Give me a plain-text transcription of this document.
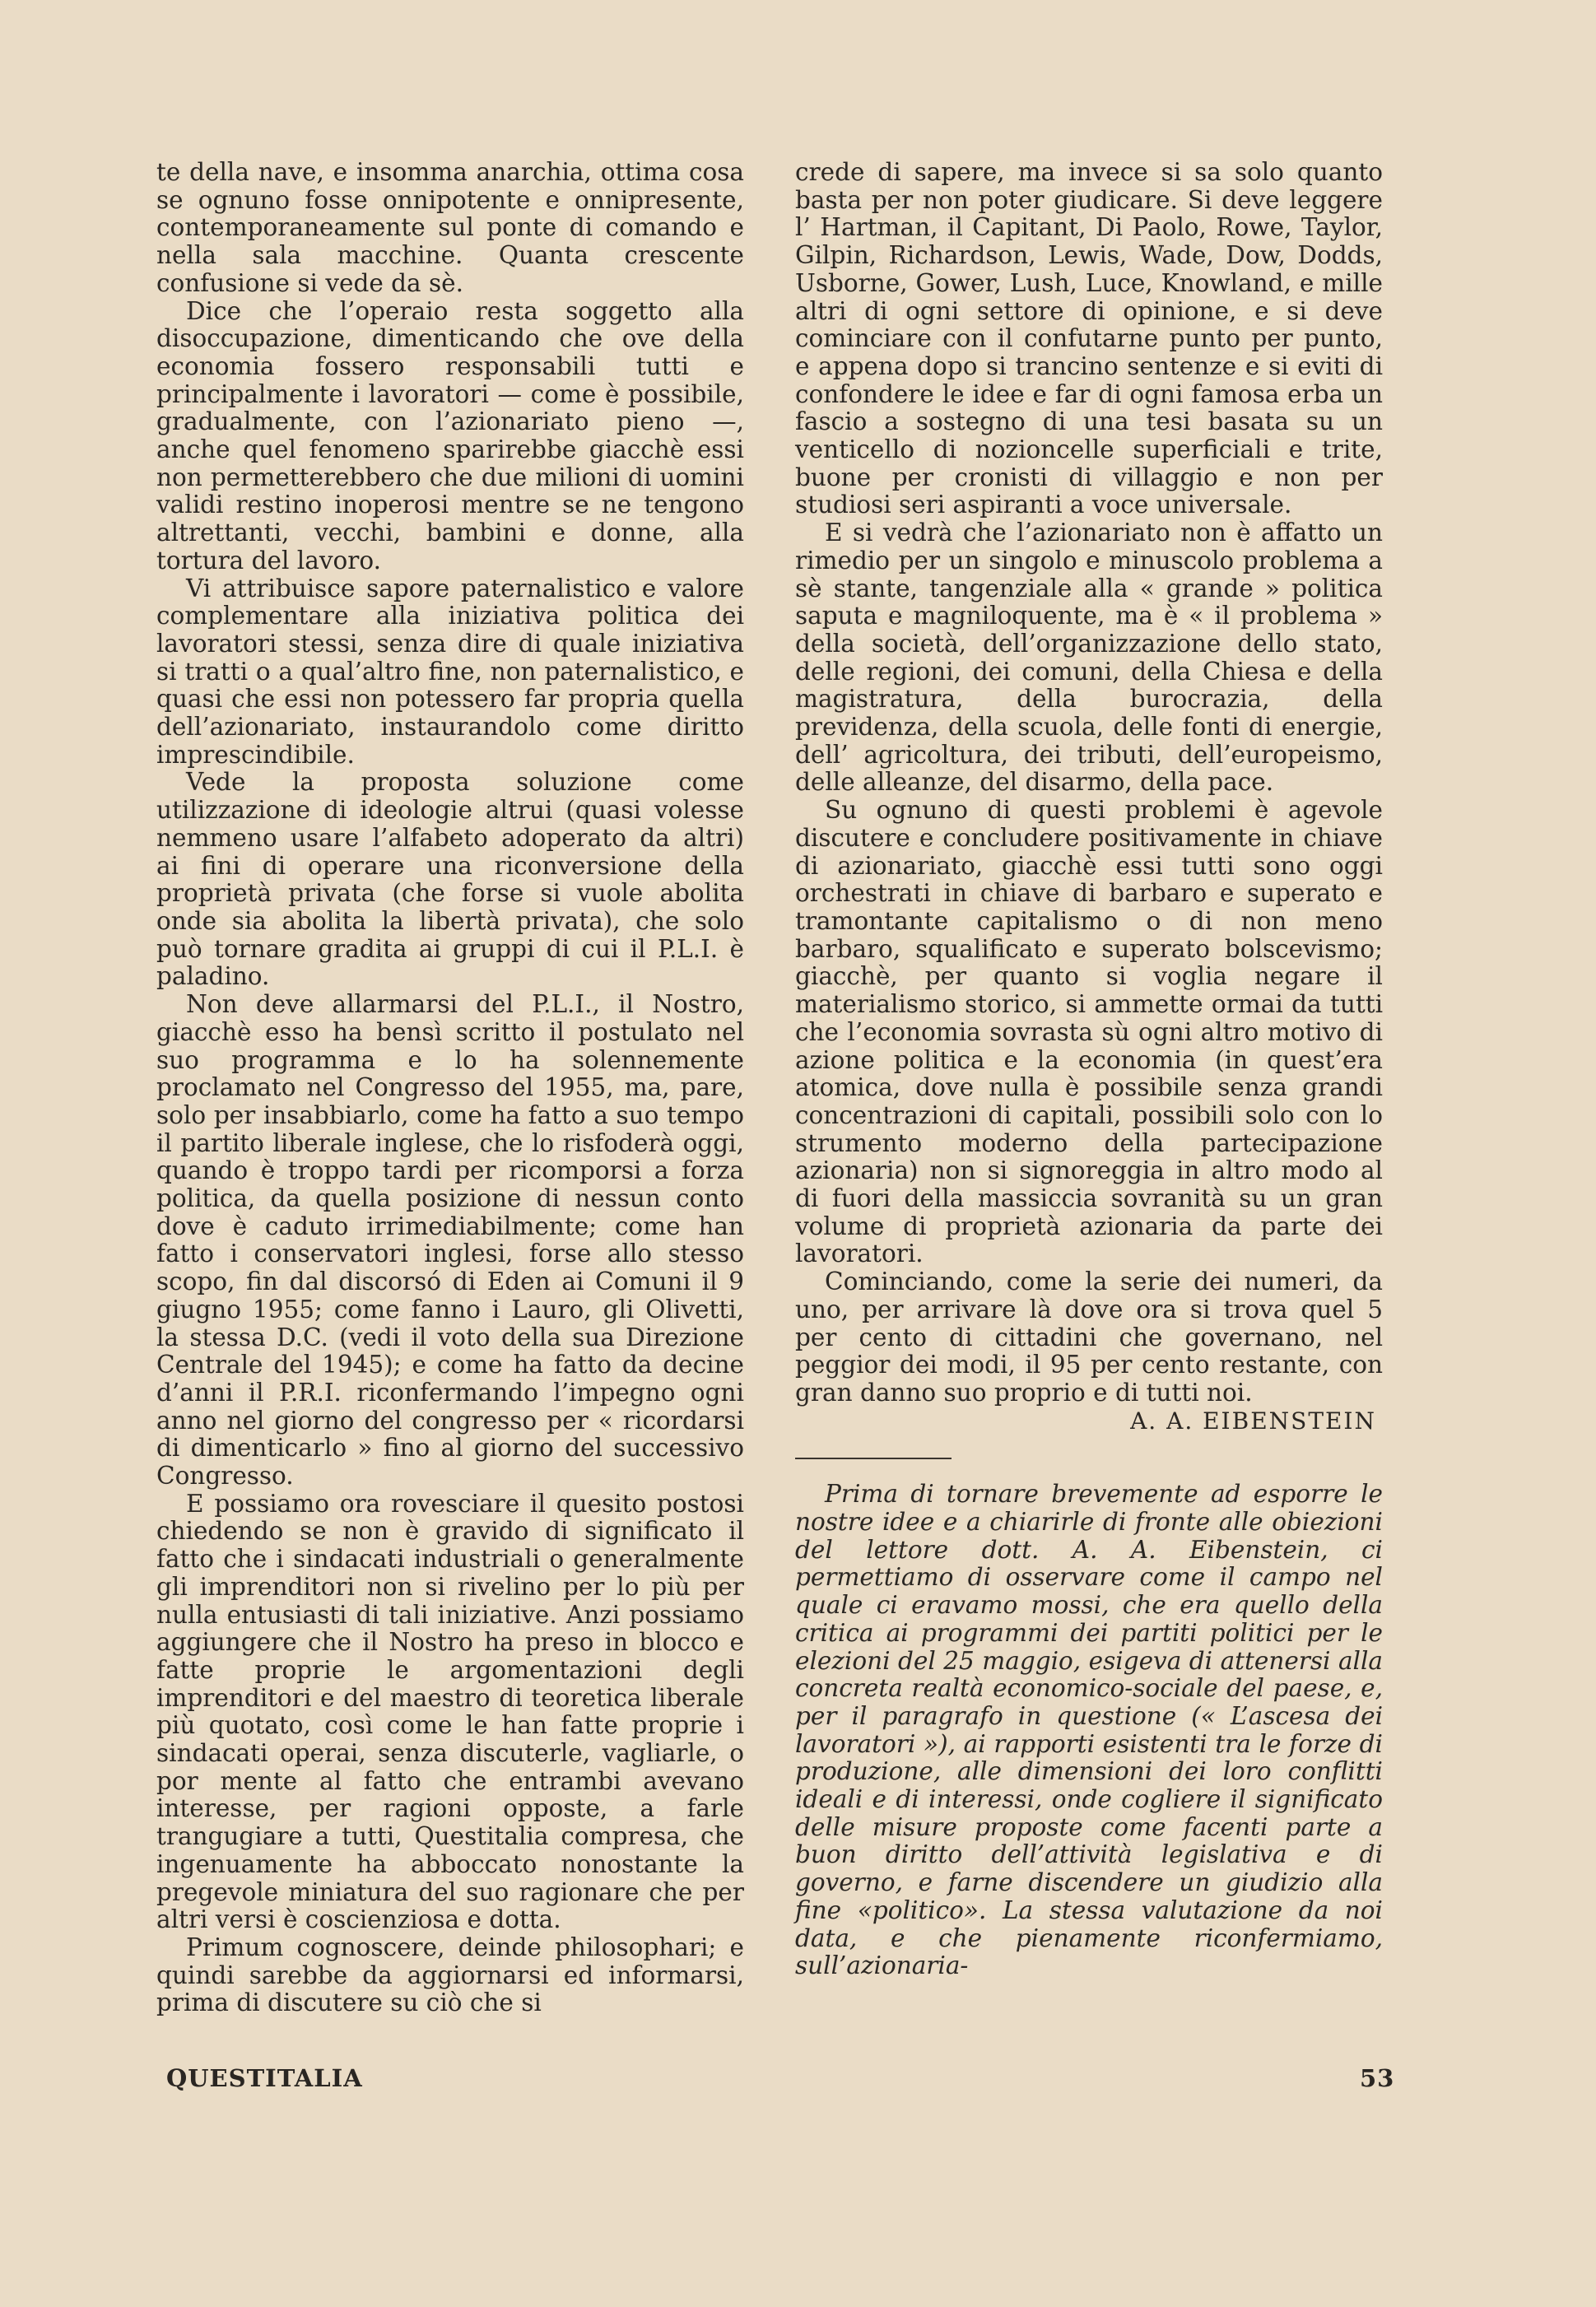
te della nave, e insomma anarchia, ottima cosa se ognuno fosse onnipotente e onnipresente, contemporaneamente sul ponte di comando e nella sala macchine. Quanta crescente confusione si vede da sè.

Dice che l’operaio resta soggetto alla disoccupazione, dimenticando che ove della economia fossero responsabili tutti e principalmente i lavoratori — come è possibile, gradualmente, con l’azionariato pieno —, anche quel fenomeno sparirebbe giacchè essi non permetterebbero che due milioni di uomini validi restino inoperosi mentre se ne tengono altrettanti, vecchi, bambini e donne, alla tortura del lavoro.

Vi attribuisce sapore paternalistico e valore complementare alla iniziativa politica dei lavoratori stessi, senza dire di quale iniziativa si tratti o a qual’altro fine, non paternalistico, e quasi che essi non potessero far propria quella dell’azionariato, instaurandolo come diritto imprescindibile.

Vede la proposta soluzione come utilizzazione di ideologie altrui (quasi volesse nemmeno usare l’alfabeto adoperato da altri) ai fini di operare una riconversione della proprietà privata (che forse si vuole abolita onde sia abolita la libertà privata), che solo può tornare gradita ai gruppi di cui il P.L.I. è paladino.

Non deve allarmarsi del P.L.I., il Nostro, giacchè esso ha bensì scritto il postulato nel suo programma e lo ha solennemente proclamato nel Congresso del 1955, ma, pare, solo per insabbiarlo, come ha fatto a suo tempo il partito liberale inglese, che lo risfoderà oggi, quando è troppo tardi per ricomporsi a forza politica, da quella posizione di nessun conto dove è caduto irrimediabilmente; come han fatto i conservatori inglesi, forse allo stesso scopo, fin dal discorsó di Eden ai Comuni il 9 giugno 1955; come fanno i Lauro, gli Olivetti, la stessa D.C. (vedi il voto della sua Direzione Centrale del 1945); e come ha fatto da decine d’anni il P.R.I. riconfermando l’impegno ogni anno nel giorno del congresso per « ricordarsi di dimenticarlo » fino al giorno del successivo Congresso.

E possiamo ora rovesciare il quesito postosi chiedendo se non è gravido di significato il fatto che i sindacati industriali o generalmente gli imprenditori non si rivelino per lo più per nulla entusiasti di tali iniziative. Anzi possiamo aggiungere che il Nostro ha preso in blocco e fatte proprie le argomentazioni degli imprenditori e del maestro di teoretica liberale più quotato, così come le han fatte proprie i sindacati operai, senza discuterle, vagliarle, o por mente al fatto che entrambi avevano interesse, per ragioni opposte, a farle trangugiare a tutti, Questitalia compresa, che ingenuamente ha abboccato nonostante la pregevole miniatura del suo ragionare che per altri versi è coscienziosa e dotta.

Primum cognoscere, deinde philosophari; e quindi sarebbe da aggiornarsi ed informarsi, prima di discutere su ciò che si

crede di sapere, ma invece si sa solo quanto basta per non poter giudicare. Si deve leggere l’ Hartman, il Capitant, Di Paolo, Rowe, Taylor, Gilpin, Richardson, Lewis, Wade, Dow, Dodds, Usborne, Gower, Lush, Luce, Knowland, e mille altri di ogni settore di opinione, e si deve cominciare con il confutarne punto per punto, e appena dopo si trancino sentenze e si eviti di confondere le idee e far di ogni famosa erba un fascio a sostegno di una tesi basata su un venticello di nozioncelle superficiali e trite, buone per cronisti di villaggio e non per studiosi seri aspiranti a voce universale.

E si vedrà che l’azionariato non è affatto un rimedio per un singolo e minuscolo problema a sè stante, tangenziale alla « grande » politica saputa e magniloquente, ma è « il problema » della società, dell’organizzazione dello stato, delle regioni, dei comuni, della Chiesa e della magistratura, della burocrazia, della previdenza, della scuola, delle fonti di energie, dell’ agricoltura, dei tributi, dell’europeismo, delle alleanze, del disarmo, della pace.

Su ognuno di questi problemi è agevole discutere e concludere positivamente in chiave di azionariato, giacchè essi tutti sono oggi orchestrati in chiave di barbaro e superato e tramontante capitalismo o di non meno barbaro, squalificato e superato bolscevismo; giacchè, per quanto si voglia negare il materialismo storico, si ammette ormai da tutti che l’economia sovrasta sù ogni altro motivo di azione politica e la economia (in quest’era atomica, dove nulla è possibile senza grandi concentrazioni di capitali, possibili solo con lo strumento moderno della partecipazione azionaria) non si signoreggia in altro modo al di fuori della massiccia sovranità su un gran volume di proprietà azionaria da parte dei lavoratori.

Cominciando, come la serie dei numeri, da uno, per arrivare là dove ora si trova quel 5 per cento di cittadini che governano, nel peggior dei modi, il 95 per cento restante, con gran danno suo proprio e di tutti noi.

A. A. EIBENSTEIN

Prima di tornare brevemente ad esporre le nostre idee e a chiarirle di fronte alle obiezioni del lettore dott. A. A. Eibenstein, ci permettiamo di osservare come il campo nel quale ci eravamo mossi, che era quello della critica ai programmi dei partiti politici per le elezioni del 25 maggio, esigeva di attenersi alla concreta realtà economico-sociale del paese, e, per il paragrafo in questione (« L’ascesa dei lavoratori »), ai rapporti esistenti tra le forze di produzione, alle dimensioni dei loro conflitti ideali e di interessi, onde cogliere il significato delle misure proposte come facenti parte a buon diritto dell’attività legislativa e di governo, e farne discendere un giudizio alla fine «politico». La stessa valutazione da noi data, e che pienamente riconfermiamo, sull’azionaria-

QUESTITALIA	53
